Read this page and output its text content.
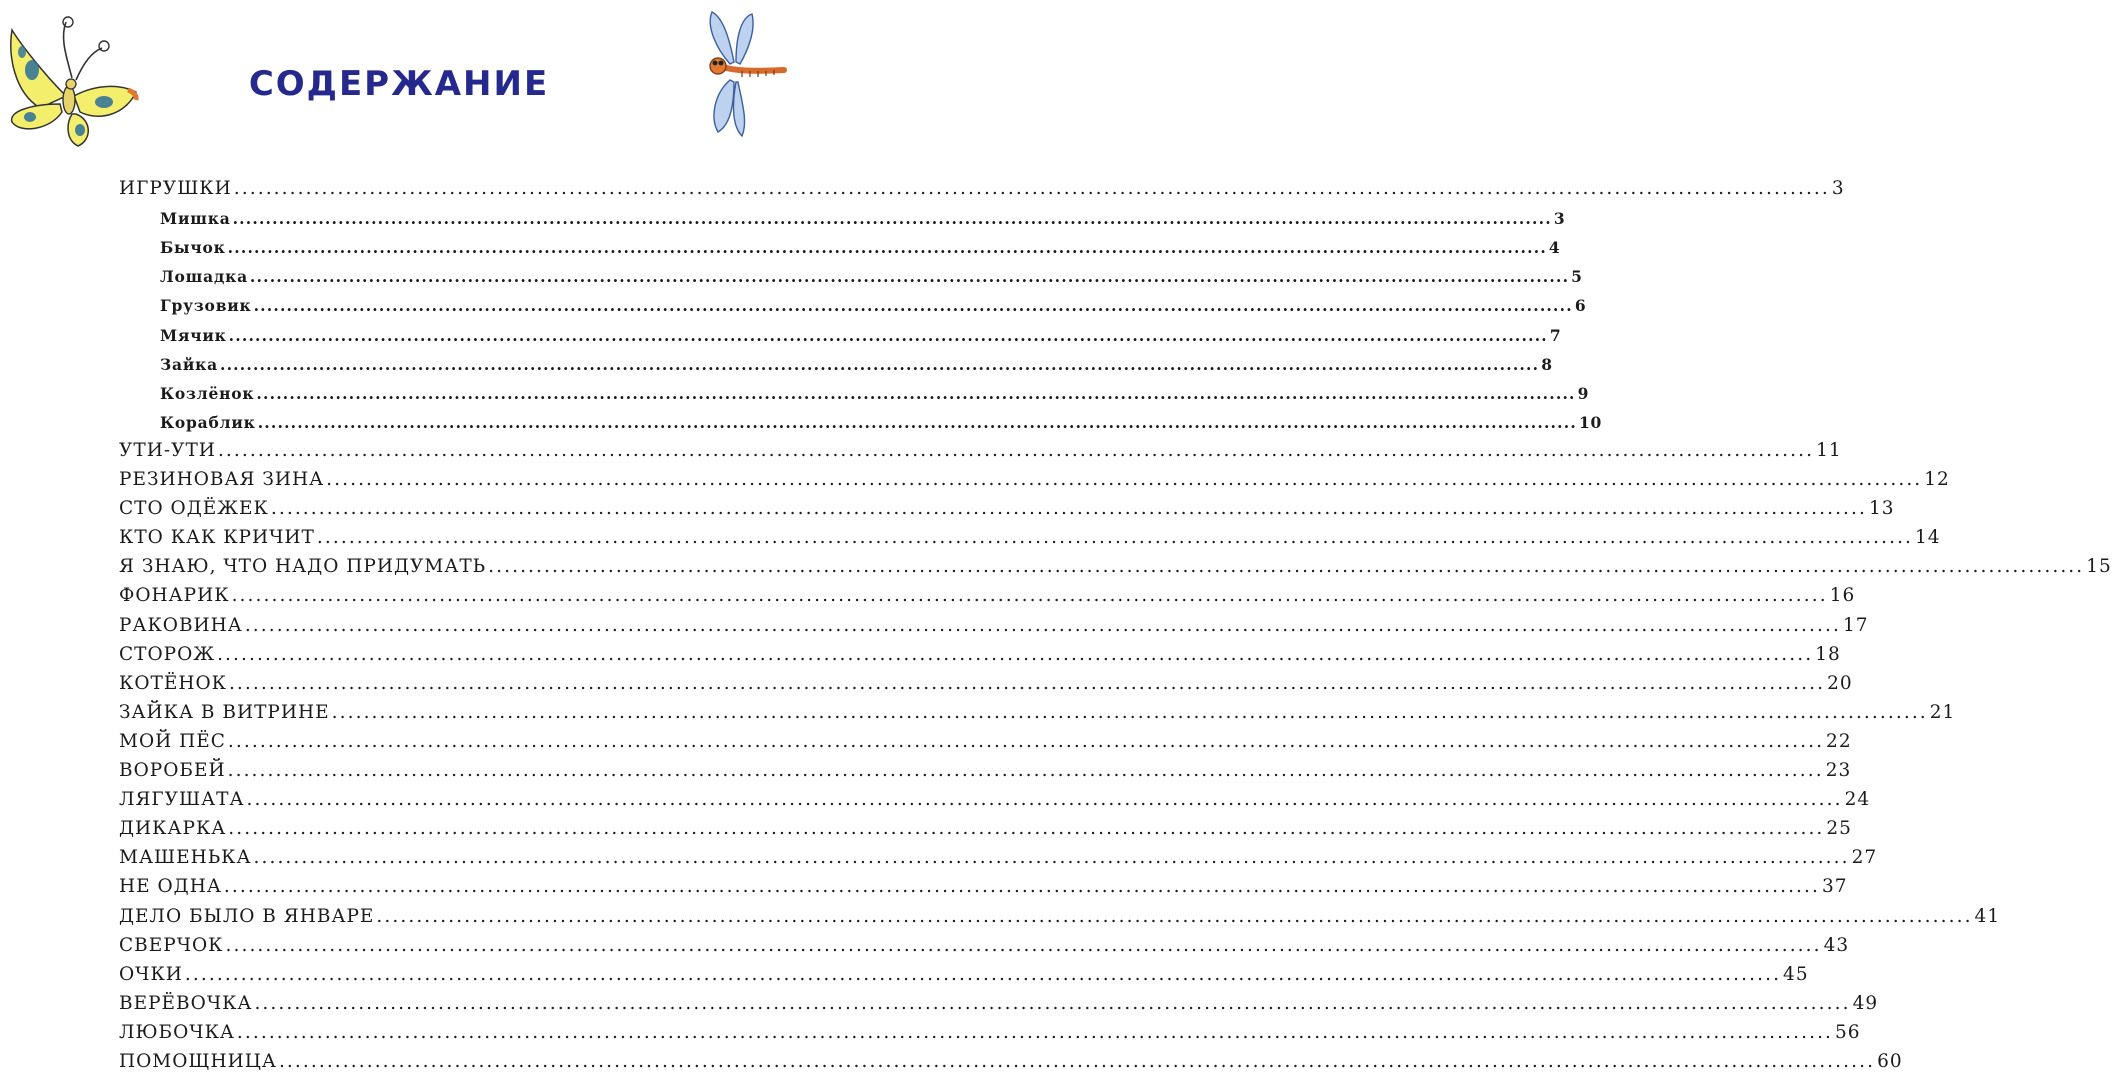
СОДЕРЖАНИЕ
ИГРУШКИ ........................................................................................................................................................................................................ 3
Мишка ........................................................................................................................................................................................................ 3
Бычок ........................................................................................................................................................................................................ 4
Лошадка ........................................................................................................................................................................................................ 5
Грузовик ........................................................................................................................................................................................................ 6
Мячик ........................................................................................................................................................................................................ 7
Зайка ........................................................................................................................................................................................................ 8
Козлёнок ........................................................................................................................................................................................................ 9
Кораблик ........................................................................................................................................................................................................ 10
УТИ-УТИ ........................................................................................................................................................................................................ 11
РЕЗИНОВАЯ ЗИНА ........................................................................................................................................................................................................ 12
СТО ОДЁЖЕК ........................................................................................................................................................................................................ 13
КТО КАК КРИЧИТ ........................................................................................................................................................................................................ 14
Я ЗНАЮ, ЧТО НАДО ПРИДУМАТЬ ........................................................................................................................................................................................................ 15
ФОНАРИК ........................................................................................................................................................................................................ 16
РАКОВИНА ........................................................................................................................................................................................................ 17
СТОРОЖ ........................................................................................................................................................................................................ 18
КОТЁНОК ........................................................................................................................................................................................................ 20
ЗАЙКА В ВИТРИНЕ ........................................................................................................................................................................................................ 21
МОЙ ПЁС ........................................................................................................................................................................................................ 22
ВОРОБЕЙ ........................................................................................................................................................................................................ 23
ЛЯГУШАТА ........................................................................................................................................................................................................ 24
ДИКАРКА ........................................................................................................................................................................................................ 25
МАШЕНЬКА ........................................................................................................................................................................................................ 27
НЕ ОДНА ........................................................................................................................................................................................................ 37
ДЕЛО БЫЛО В ЯНВАРЕ ........................................................................................................................................................................................................ 41
СВЕРЧОК ........................................................................................................................................................................................................ 43
ОЧКИ ........................................................................................................................................................................................................ 45
ВЕРЁВОЧКА ........................................................................................................................................................................................................ 49
ЛЮБОЧКА ........................................................................................................................................................................................................ 56
ПОМОЩНИЦА ........................................................................................................................................................................................................ 60
